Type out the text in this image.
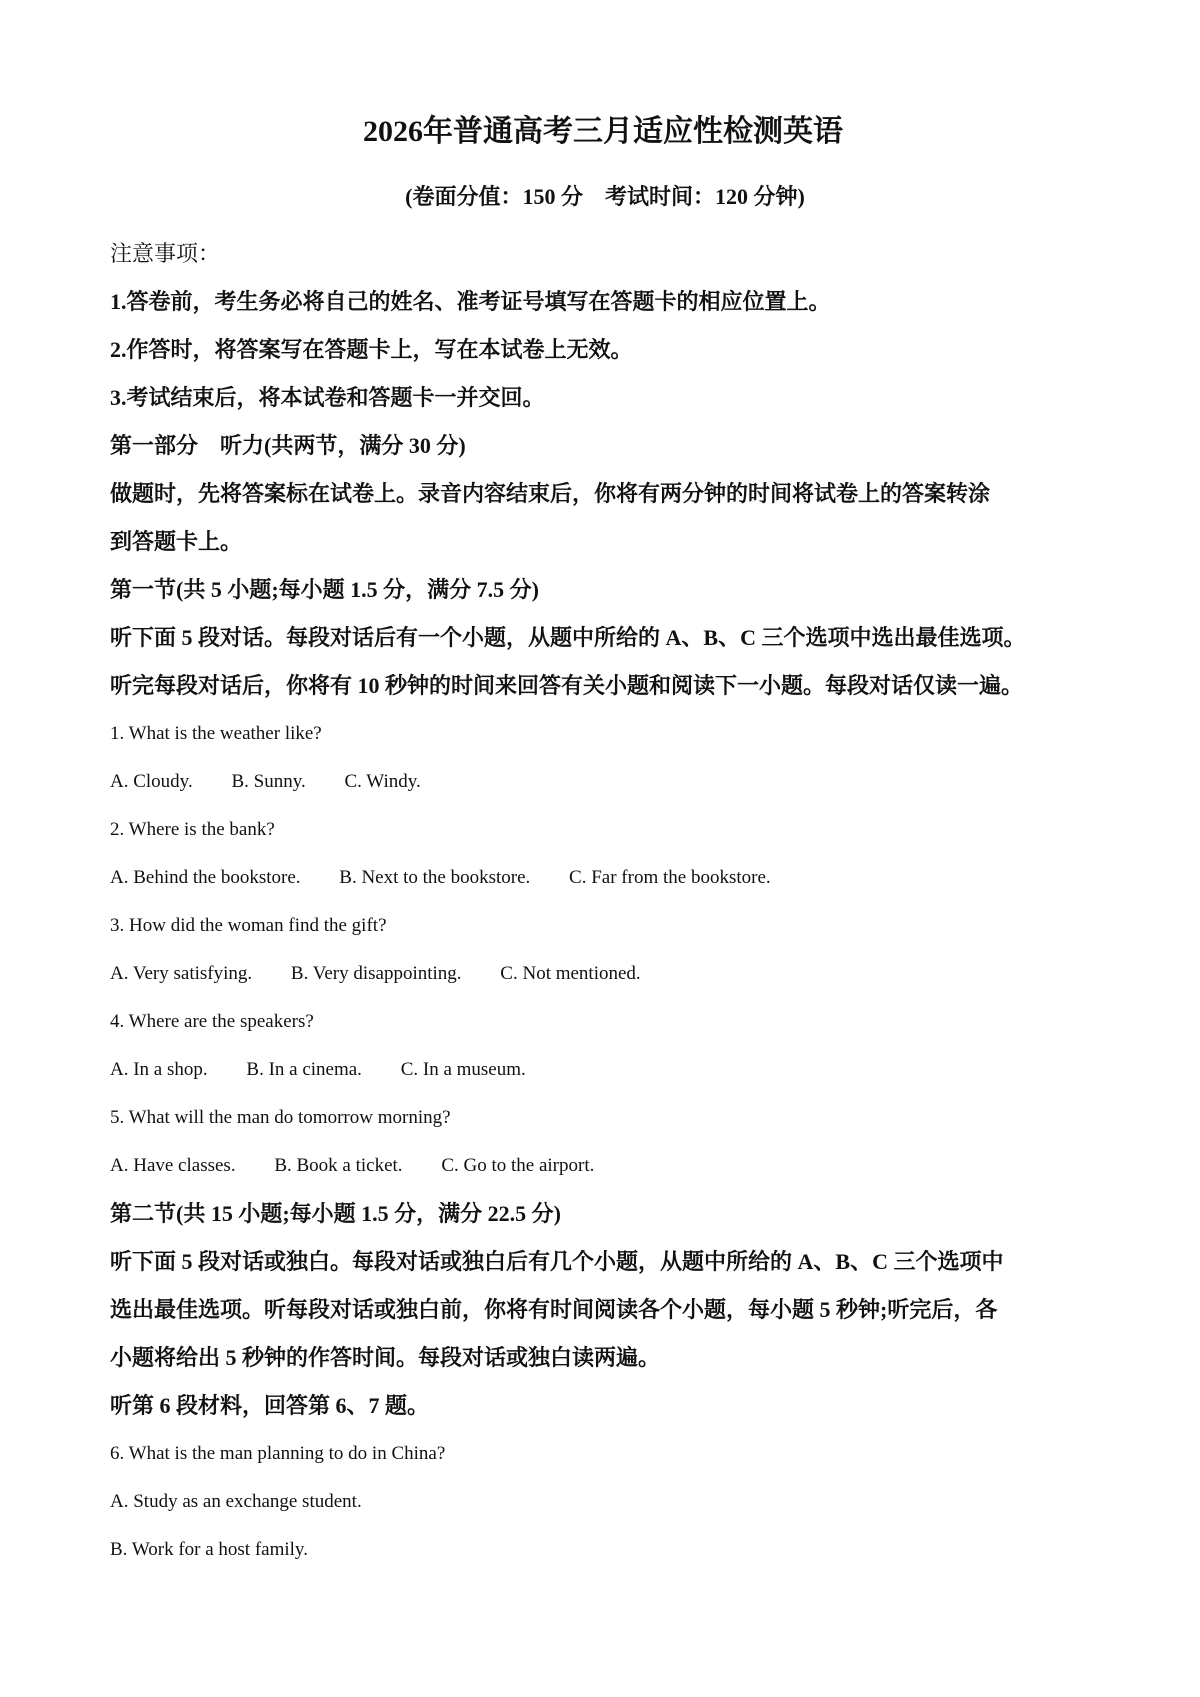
2026年普通高考三月适应性检测英语
(卷面分值：150 分　考试时间：120 分钟)
注意事项：
1.答卷前，考生务必将自己的姓名、准考证号填写在答题卡的相应位置上。
2.作答时，将答案写在答题卡上，写在本试卷上无效。
3.考试结束后，将本试卷和答题卡一并交回。
第一部分　听力(共两节，满分 30 分)
做题时，先将答案标在试卷上。录音内容结束后，你将有两分钟的时间将试卷上的答案转涂
到答题卡上。
第一节(共 5 小题;每小题 1.5 分，满分 7.5 分)
听下面 5 段对话。每段对话后有一个小题，从题中所给的 A、B、C 三个选项中选出最佳选项。
听完每段对话后，你将有 10 秒钟的时间来回答有关小题和阅读下一小题。每段对话仅读一遍。
1. What is the weather like?
A. Cloudy. B. Sunny. C. Windy.
2. Where is the bank?
A. Behind the bookstore. B. Next to the bookstore. C. Far from the bookstore.
3. How did the woman find the gift?
A. Very satisfying. B. Very disappointing. C. Not mentioned.
4. Where are the speakers?
A. In a shop. B. In a cinema. C. In a museum.
5. What will the man do tomorrow morning?
A. Have classes. B. Book a ticket. C. Go to the airport.
第二节(共 15 小题;每小题 1.5 分，满分 22.5 分)
听下面 5 段对话或独白。每段对话或独白后有几个小题，从题中所给的 A、B、C 三个选项中
选出最佳选项。听每段对话或独白前，你将有时间阅读各个小题，每小题 5 秒钟;听完后，各
小题将给出 5 秒钟的作答时间。每段对话或独白读两遍。
听第 6 段材料，回答第 6、7 题。
6. What is the man planning to do in China?
A. Study as an exchange student.
B. Work for a host family.
